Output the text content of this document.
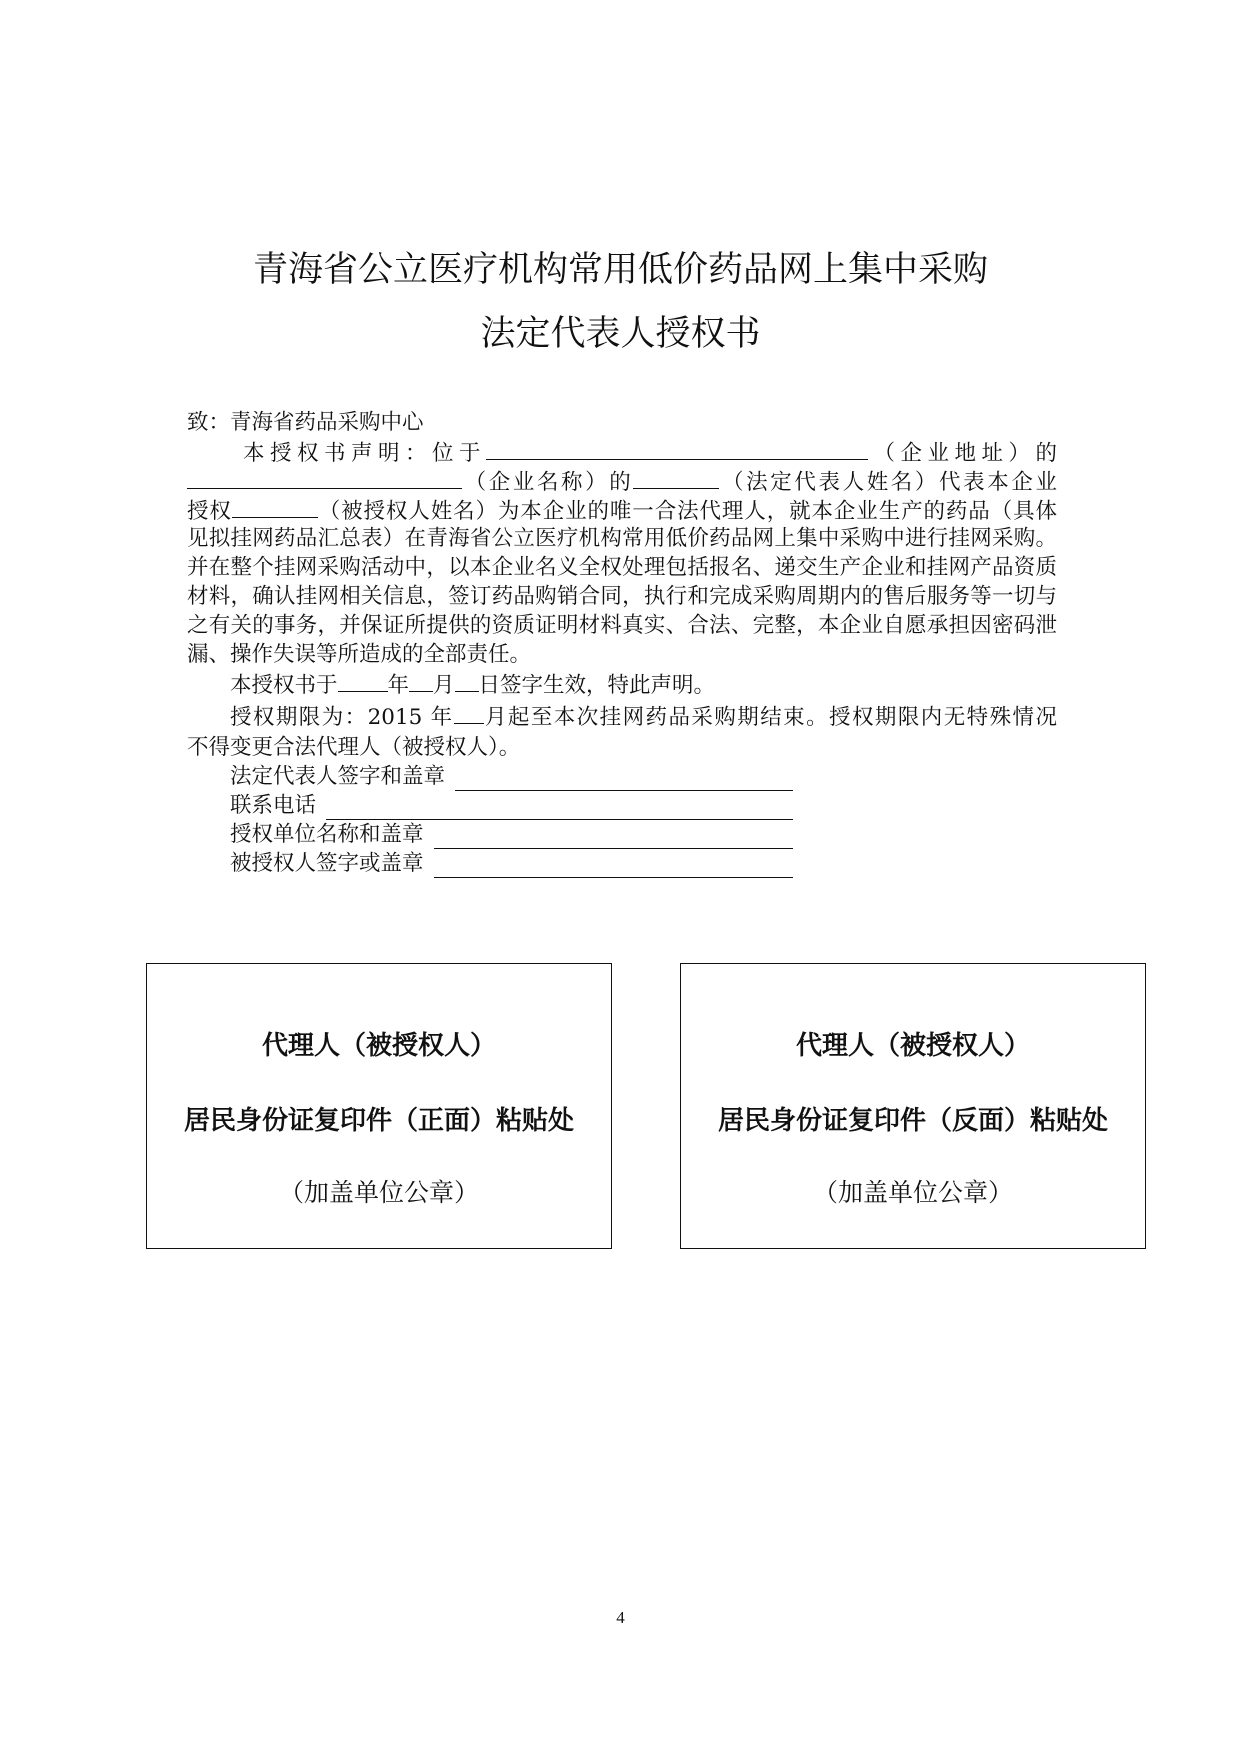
青海省公立医疗机构常用低价药品网上集中采购
法定代表人授权书
致：青海省药品采购中心
本授权书声明：位于	（企业地址）的
（企业名称）的	（法定代表人姓名）代表本企业
授权	（被授权人姓名）为本企业的唯一合法代理人，就本企业生产的药品（具体
见拟挂网药品汇总表）在青海省公立医疗机构常用低价药品网上集中采购中进行挂网采购。
并在整个挂网采购活动中，以本企业名义全权处理包括报名、递交生产企业和挂网产品资质
材料，确认挂网相关信息，签订药品购销合同，执行和完成采购周期内的售后服务等一切与
之有关的事务，并保证所提供的资质证明材料真实、合法、完整，本企业自愿承担因密码泄
漏、操作失误等所造成的全部责任。
本授权书于 年 月 日签字生效，特此声明。
授权期限为：2015 年 月起至本次挂网药品采购期结束。授权期限内无特殊情况
不得变更合法代理人（被授权人）。
法定代表人签字和盖章
联系电话
授权单位名称和盖章
被授权人签字或盖章
代理人（被授权人）
居民身份证复印件（正面）粘贴处
（加盖单位公章）
代理人（被授权人）
居民身份证复印件（反面）粘贴处
（加盖单位公章）
4
